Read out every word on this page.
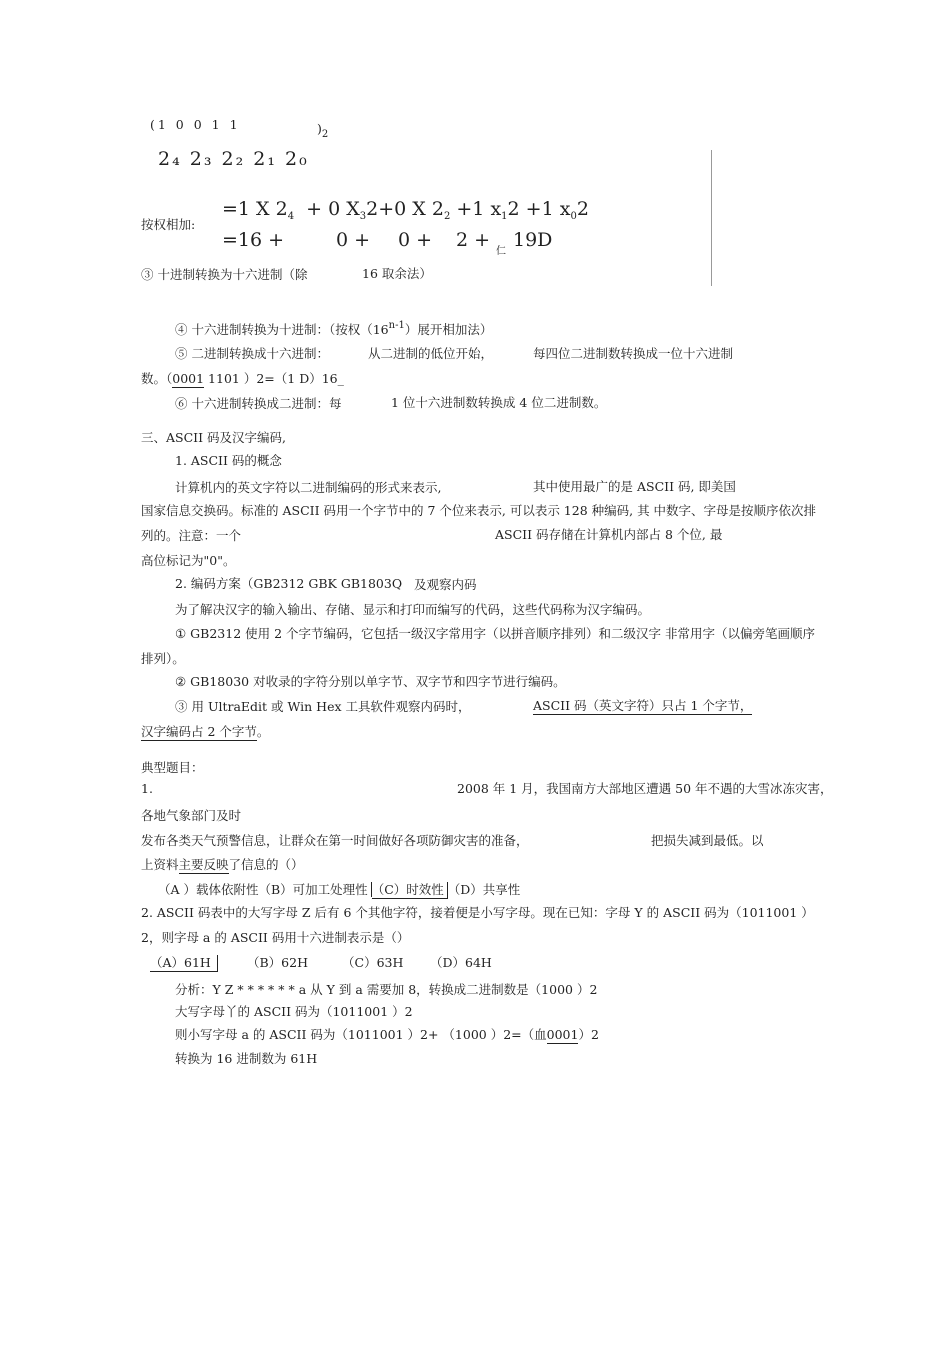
(1 0 0 1 1	)$_2$
2₄ 2₃ 2₂ 2₁ 2₀
按权相加:
=1 X $2_4 + 0$ $X_32+0$ X $2_2 +1$ $x_12 +1$ $x_02$
=16 +	0 + 0 + 2 +
仁
19D
③ 十进制转换为十六进制（除	16 取余法）
④ 十六进制转换为十进制：（按权（16$^{n-1}$）展开相加法）
⑤ 二进制转换成十六进制：	从二进制的低位开始，	每四位二进制数转换成一位十六进制
数。（0001 1101 ）2=（1 D）16_
⑥ 十六进制转换成二进制：每	1 位十六进制数转换成 4 位二进制数。
三、ASCII 码及汉字编码,
1. ASCII 码的概念
计算机内的英文字符以二进制编码的形式来表示,	其中使用最广的是 ASCII 码, 即美国
国家信息交换码。标准的 ASCII 码用一个字节中的 7 个位来表示, 可以表示 128 种编码, 其 中数字、字母是按顺序依次排
列的。注意：一个	ASCII 码存储在计算机内部占 8 个位, 最
高位标记为"0"。
2. 编码方案（GB2312 GBK GB1803Q 及观察内码
为了解决汉字的输入输出、存储、显示和打印而编写的代码，这些代码称为汉字编码。
① GB2312 使用 2 个字节编码，它包括一级汉字常用字（以拼音顺序排列）和二级汉字 非常用字（以偏旁笔画顺序
排列）。
② GB18030 对收录的字符分别以单字节、双字节和四字节进行编码。
③ 用 UltraEdit 或 Win Hex 工具软件观察内码时，	ASCII 码（英文字符）只占 1 个字节，
汉字编码占 2 个字节。
典型题目：
1.	2008 年 1 月，我国南方大部地区遭遇 50 年不遇的大雪冰冻灾害，
各地气象部门及时
发布各类天气预警信息，让群众在第一时间做好各项防御灾害的准备，	把损失减到最低。以
上资料主要反映了信息的（）
（A ）载体依附性（B）可加工处理性 （C）时效性 （D）共享性
2. ASCII 码表中的大写字母 Z 后有 6 个其他字符，接着便是小写字母。现在已知：字母 Y 的 ASCII 码为（1011001 ）
2，则字母 a 的 ASCII 码用十六进制表示是（）
（A）61H	（B）62H	（C）63H （D）64H
分析：Y Z * * * * * * a 从 Y 到 a 需要加 8，转换成二进制数是（1000 ）2
大写字母丫的 ASCII 码为（1011001 ）2
则小写字母 a 的 ASCII 码为（1011001 ）2+ （1000 ）2=（血0001）2
转换为 16 进制数为 61H
